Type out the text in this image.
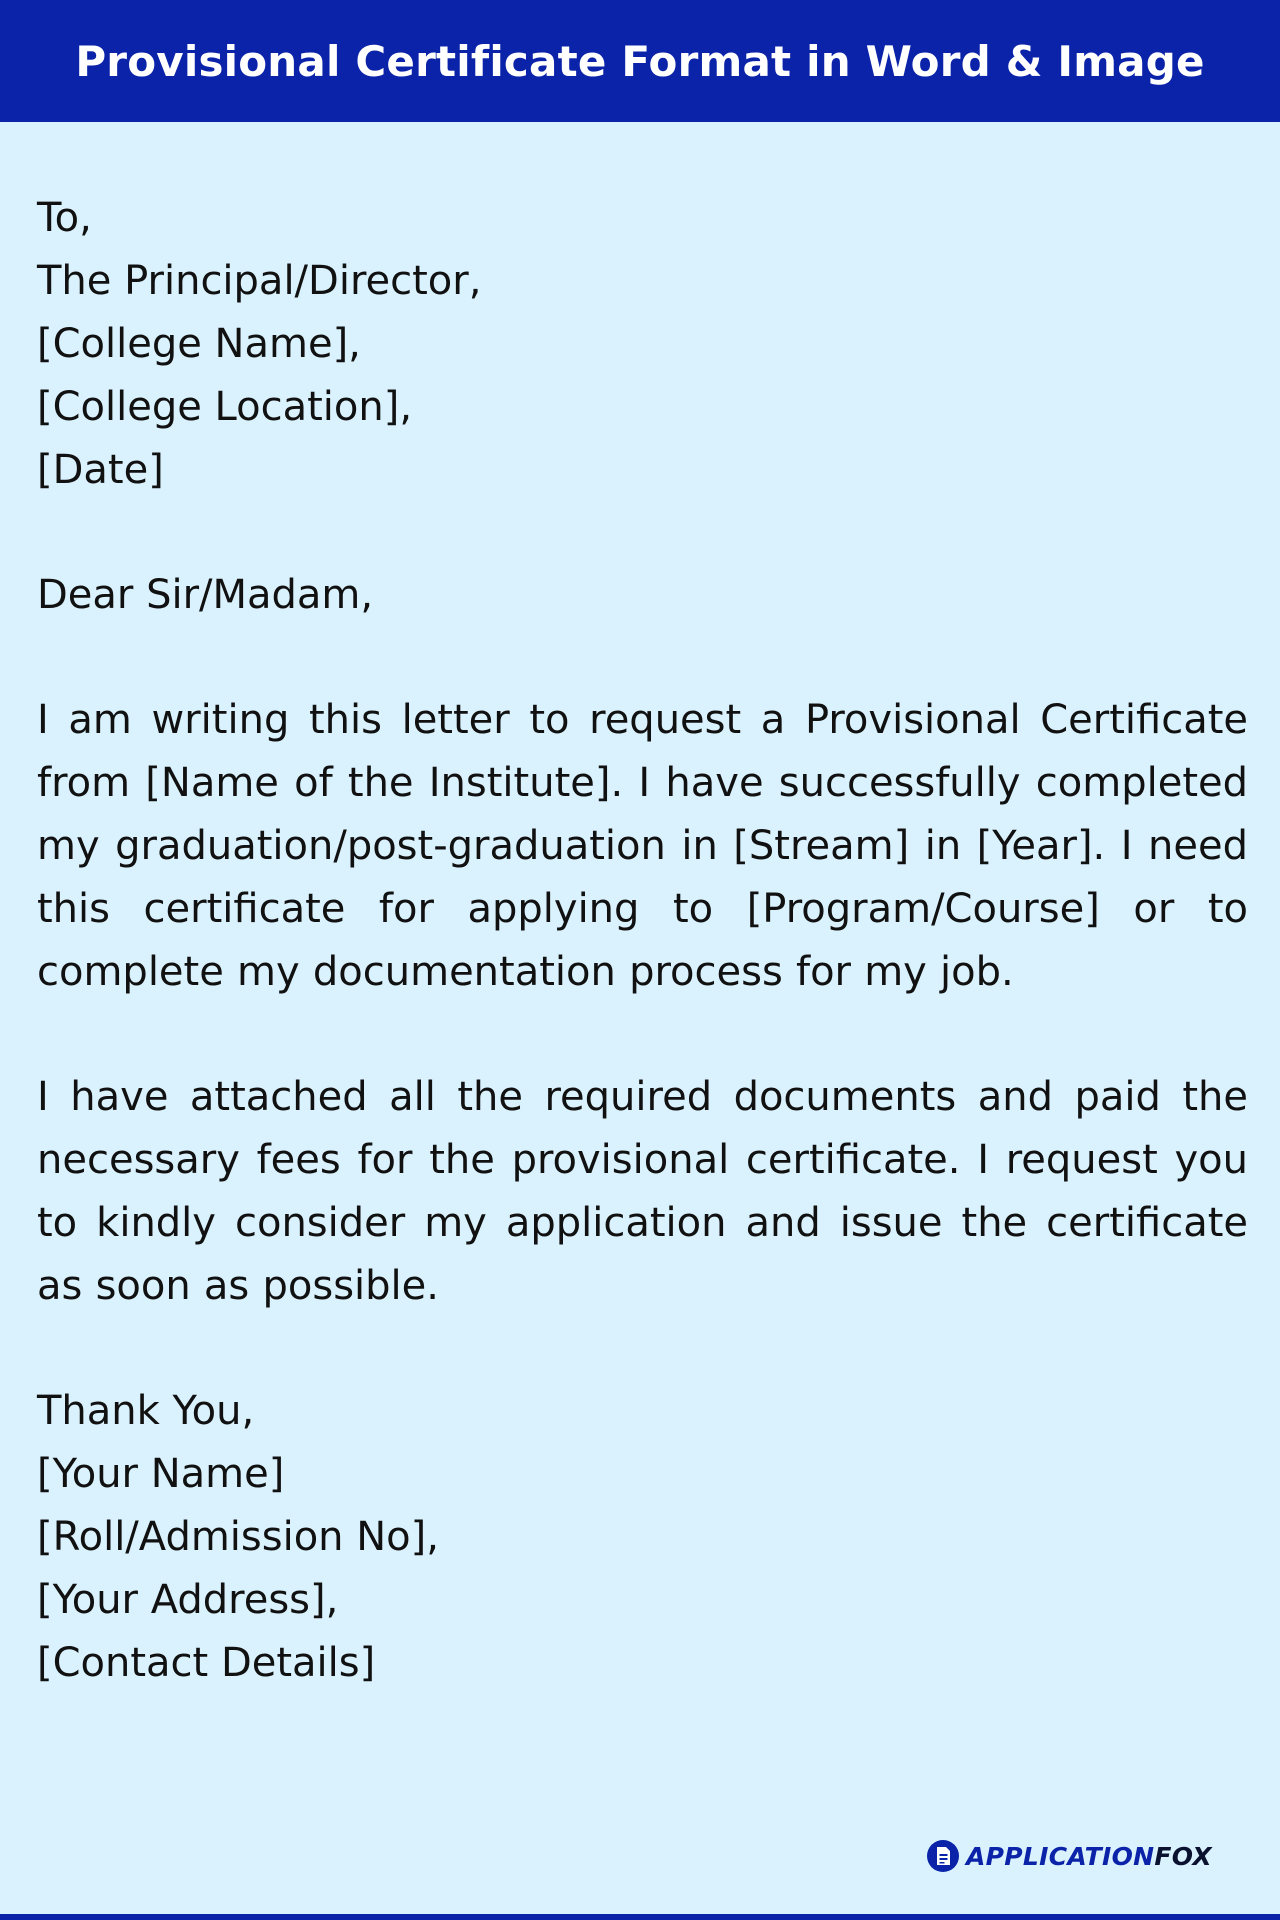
Provisional Certificate Format in Word & Image
To,
The Principal/Director,
[College Name],
[College Location],
[Date]
Dear Sir/Madam,
I am writing this letter to request a Provisional Certificate from [Name of the Institute]. I have successfully completed my graduation/post-graduation in [Stream] in [Year]. I need this certificate for applying to [Program/Course] or to complete my documentation process for my job.
I have attached all the required documents and paid the necessary fees for the provisional certificate. I request you to kindly consider my application and issue the certificate as soon as possible.
Thank You,
[Your Name]
[Roll/Admission No],
[Your Address],
[Contact Details]
APPLICATIONFOX
